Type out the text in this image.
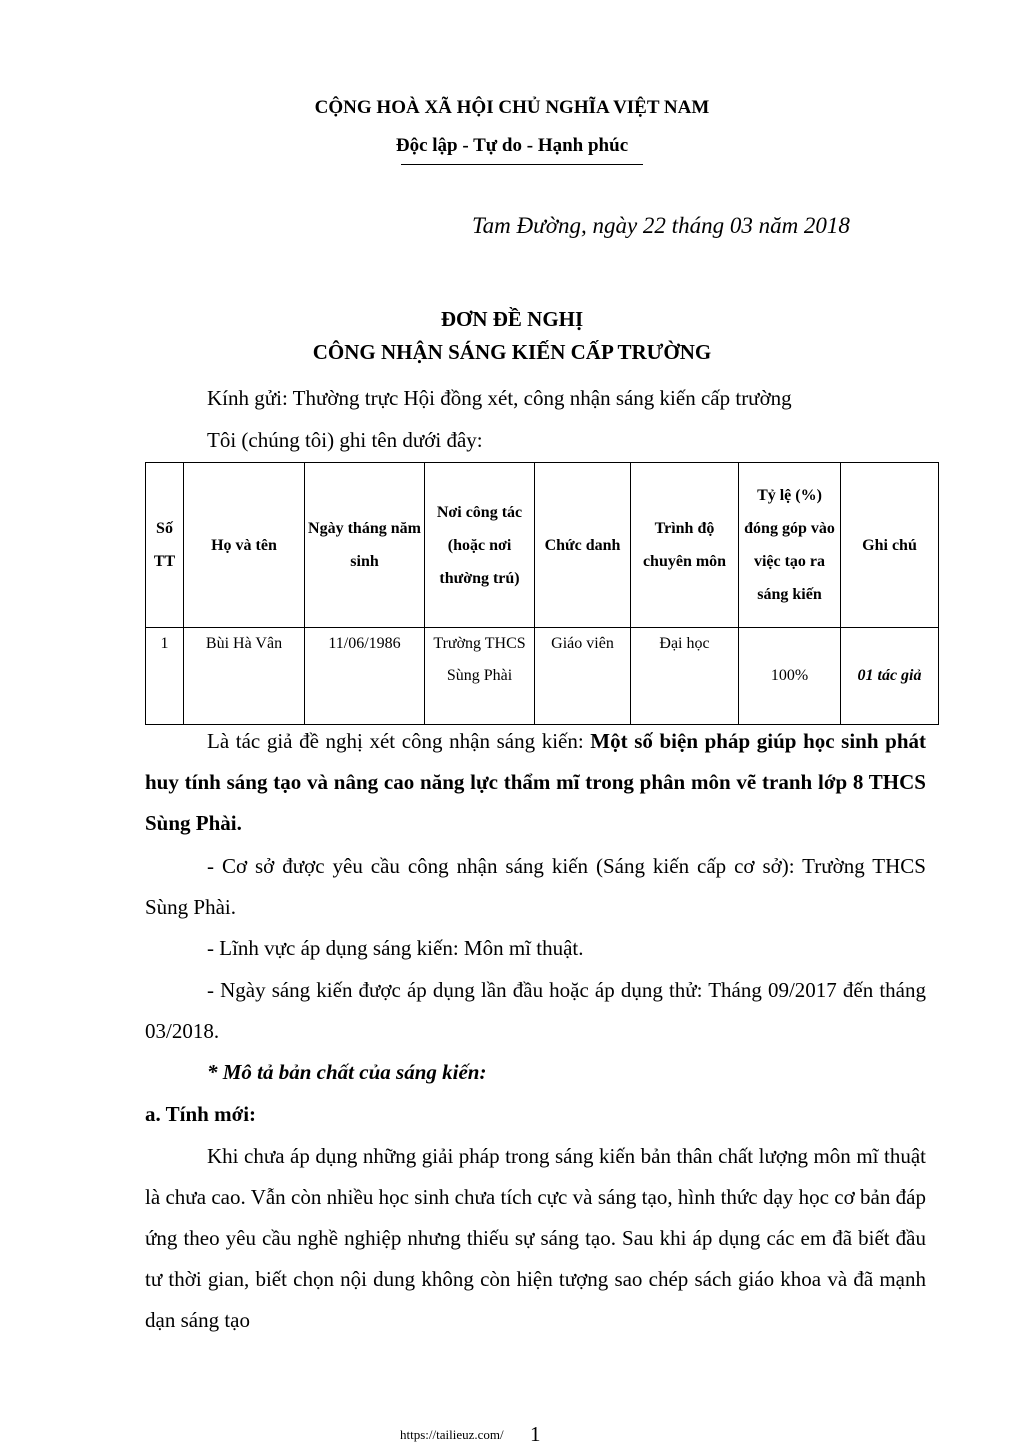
CỘNG HOÀ XÃ HỘI CHỦ NGHĨA VIỆT NAM
Độc lập - Tự do - Hạnh phúc
Tam Đường, ngày 22 tháng 03 năm 2018
ĐƠN ĐỀ NGHỊ
CÔNG NHẬN SÁNG KIẾN CẤP TRƯỜNG
Kính gửi: Thường trực Hội đồng xét, công nhận sáng kiến cấp trường
Tôi (chúng tôi) ghi tên dưới đây:
Số TT	Họ và tên	Ngày tháng năm sinh	Nơi công tác (hoặc nơi thường trú)	Chức danh	Trình độ chuyên môn	Tỷ lệ (%) đóng góp vào việc tạo ra sáng kiến	Ghi chú
1	Bùi Hà Vân	11/06/1986	Trường THCS Sùng Phài	Giáo viên	Đại học	100%	01 tác giả
Là tác giả đề nghị xét công nhận sáng kiến: Một số biện pháp giúp học sinh phát huy tính sáng tạo và nâng cao năng lực thẩm mĩ trong phân môn vẽ tranh lớp 8 THCS Sùng Phài.
- Cơ sở được yêu cầu công nhận sáng kiến (Sáng kiến cấp cơ sở): Trường THCS Sùng Phài.
- Lĩnh vực áp dụng sáng kiến: Môn mĩ thuật.
- Ngày sáng kiến được áp dụng lần đầu hoặc áp dụng thử: Tháng 09/2017 đến tháng 03/2018.
* Mô tả bản chất của sáng kiến:
a. Tính mới:
Khi chưa áp dụng những giải pháp trong sáng kiến bản thân chất lượng môn mĩ thuật là chưa cao. Vẫn còn nhiều học sinh chưa tích cực và sáng tạo, hình thức dạy học cơ bản đáp ứng theo yêu cầu nghề nghiệp nhưng thiếu sự sáng tạo. Sau khi áp dụng các em đã biết đầu tư thời gian, biết chọn nội dung không còn hiện tượng sao chép sách giáo khoa và đã mạnh dạn sáng tạo
1
https://tailieuz.com/
